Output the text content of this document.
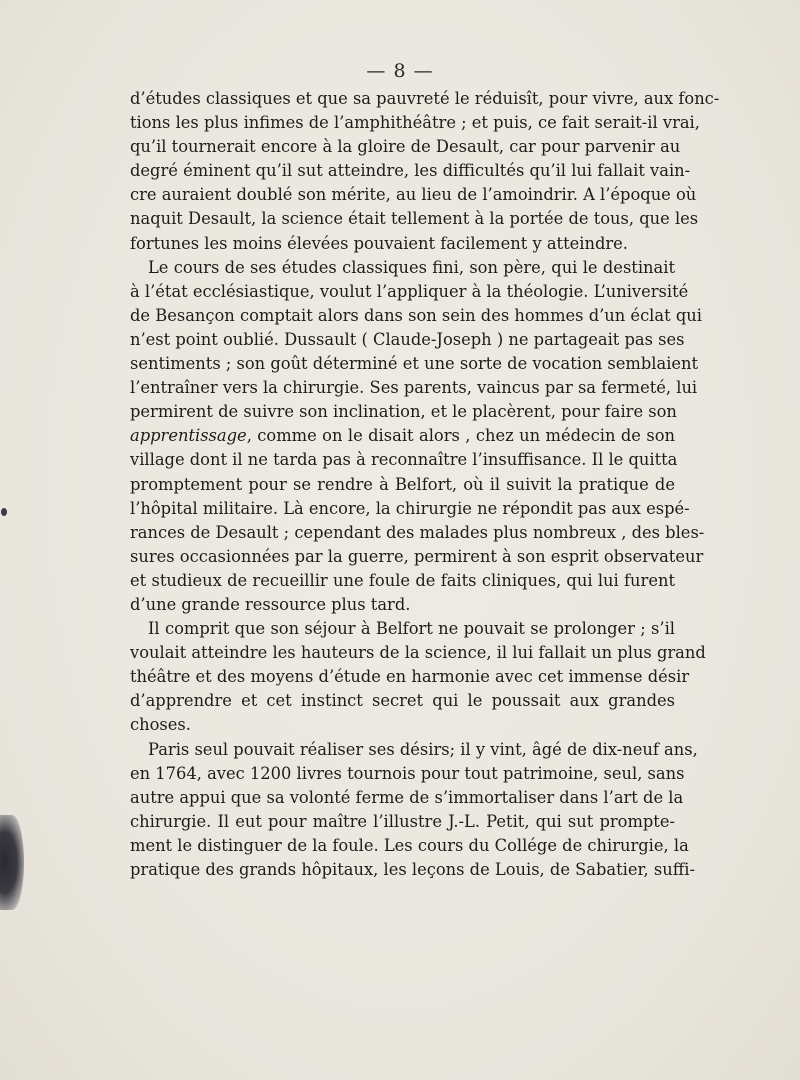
— 8 —
d’études classiques et que sa pauvreté le réduisît, pour vivre, aux fonc-
tions les plus infimes de l’amphithéâtre ; et puis, ce fait serait-il vrai,
qu’il tournerait encore à la gloire de Desault, car pour parvenir au
degré éminent qu’il sut atteindre, les difficultés qu’il lui fallait vain-
cre auraient doublé son mérite, au lieu de l’amoindrir. A l’époque où
naquit Desault, la science était tellement à la portée de tous, que les
fortunes les moins élevées pouvaient facilement y atteindre.
Le cours de ses études classiques fini, son père, qui le destinait
à l’état ecclésiastique, voulut l’appliquer à la théologie. L’université
de Besançon comptait alors dans son sein des hommes d’un éclat qui
n’est point oublié. Dussault ( Claude-Joseph ) ne partageait pas ses
sentiments ; son goût déterminé et une sorte de vocation semblaient
l’entraîner vers la chirurgie. Ses parents, vaincus par sa fermeté, lui
permirent de suivre son inclination, et le placèrent, pour faire son
apprentissage, comme on le disait alors , chez un médecin de son
village dont il ne tarda pas à reconnaître l’insuffisance. Il le quitta
promptement pour se rendre à Belfort, où il suivit la pratique de
l’hôpital militaire. Là encore, la chirurgie ne répondit pas aux espé-
rances de Desault ; cependant des malades plus nombreux , des bles-
sures occasionnées par la guerre, permirent à son esprit observateur
et studieux de recueillir une foule de faits cliniques, qui lui furent
d’une grande ressource plus tard.
Il comprit que son séjour à Belfort ne pouvait se prolonger ; s’il
voulait atteindre les hauteurs de la science, il lui fallait un plus grand
théâtre et des moyens d’étude en harmonie avec cet immense désir
d’apprendre et cet instinct secret qui le poussait aux grandes
choses.
Paris seul pouvait réaliser ses désirs; il y vint, âgé de dix-neuf ans,
en 1764, avec 1200 livres tournois pour tout patrimoine, seul, sans
autre appui que sa volonté ferme de s’immortaliser dans l’art de la
chirurgie. Il eut pour maître l’illustre J.-L. Petit, qui sut prompte-
ment le distinguer de la foule. Les cours du Collége de chirurgie, la
pratique des grands hôpitaux, les leçons de Louis, de Sabatier, suffi-
